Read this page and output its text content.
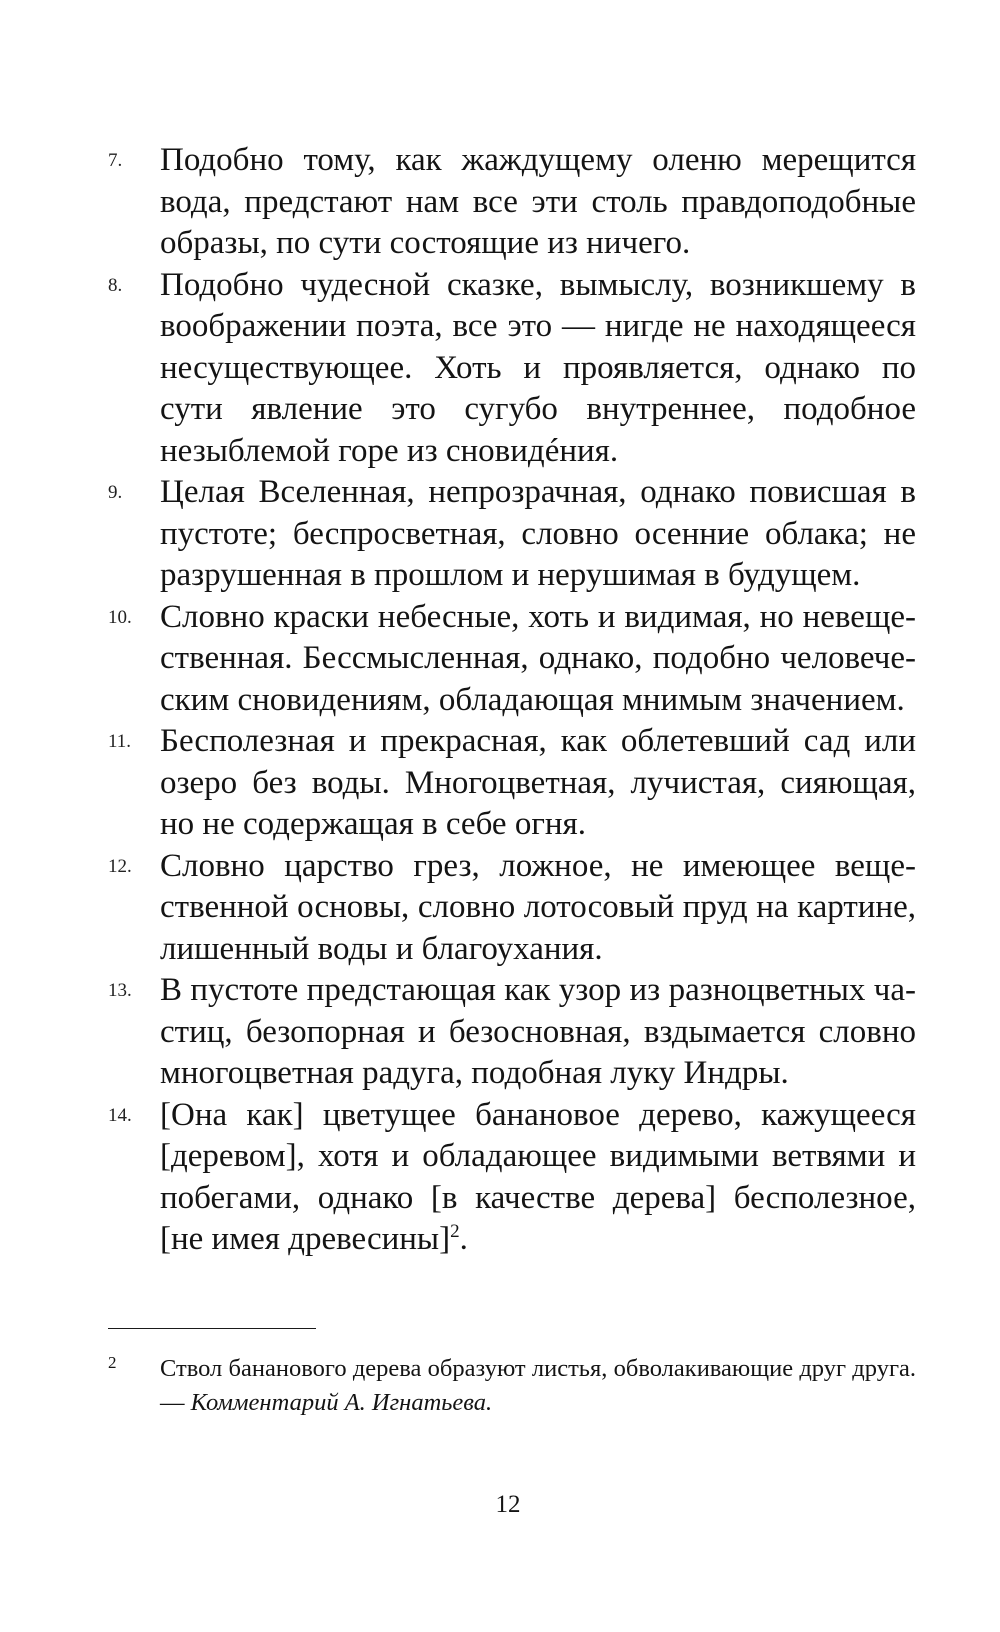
7.	Подобно тому, как жаждущему оленю мерещится вода, предстают нам все эти столь правдоподобные образы, по сути состоящие из ничего.
8.	Подобно чудесной сказке, вымыслу, возникшему в воображении поэта, все это — нигде не находящееся несуществующее. Хоть и проявляется, однако по сути явление это сугубо внутреннее, подобное незыблемой горе из сновидéния.
9.	Целая Вселенная, непрозрачная, однако повисшая в пустоте; беспросветная, словно осенние облака; не разрушенная в прошлом и нерушимая в будущем.
10. Словно краски небесные, хоть и видимая, но невещественная. Бессмысленная, однако, подобно человеческим сновидениям, обладающая мнимым значением.
11. Бесполезная и прекрасная, как облетевший сад или озеро без воды. Многоцветная, лучистая, сияющая, но не содержащая в себе огня.
12. Словно царство грез, ложное, не имеющее вещественной основы, словно лотосовый пруд на картине, лишенный воды и благоухания.
13. В пустоте предстающая как узор из разноцветных частиц, безопорная и безосновная, вздымается словно многоцветная радуга, подобная луку Индры.
14. [Она как] цветущее банановое дерево, кажущееся [деревом], хотя и обладающее видимыми ветвями и побегами, однако [в качестве дерева] бесполезное, [не имея древесины]$^2$.
2	Ствол бананового дерева образуют листья, обволакивающие друг друга. — Комментарий А. Игнатьева.
12
